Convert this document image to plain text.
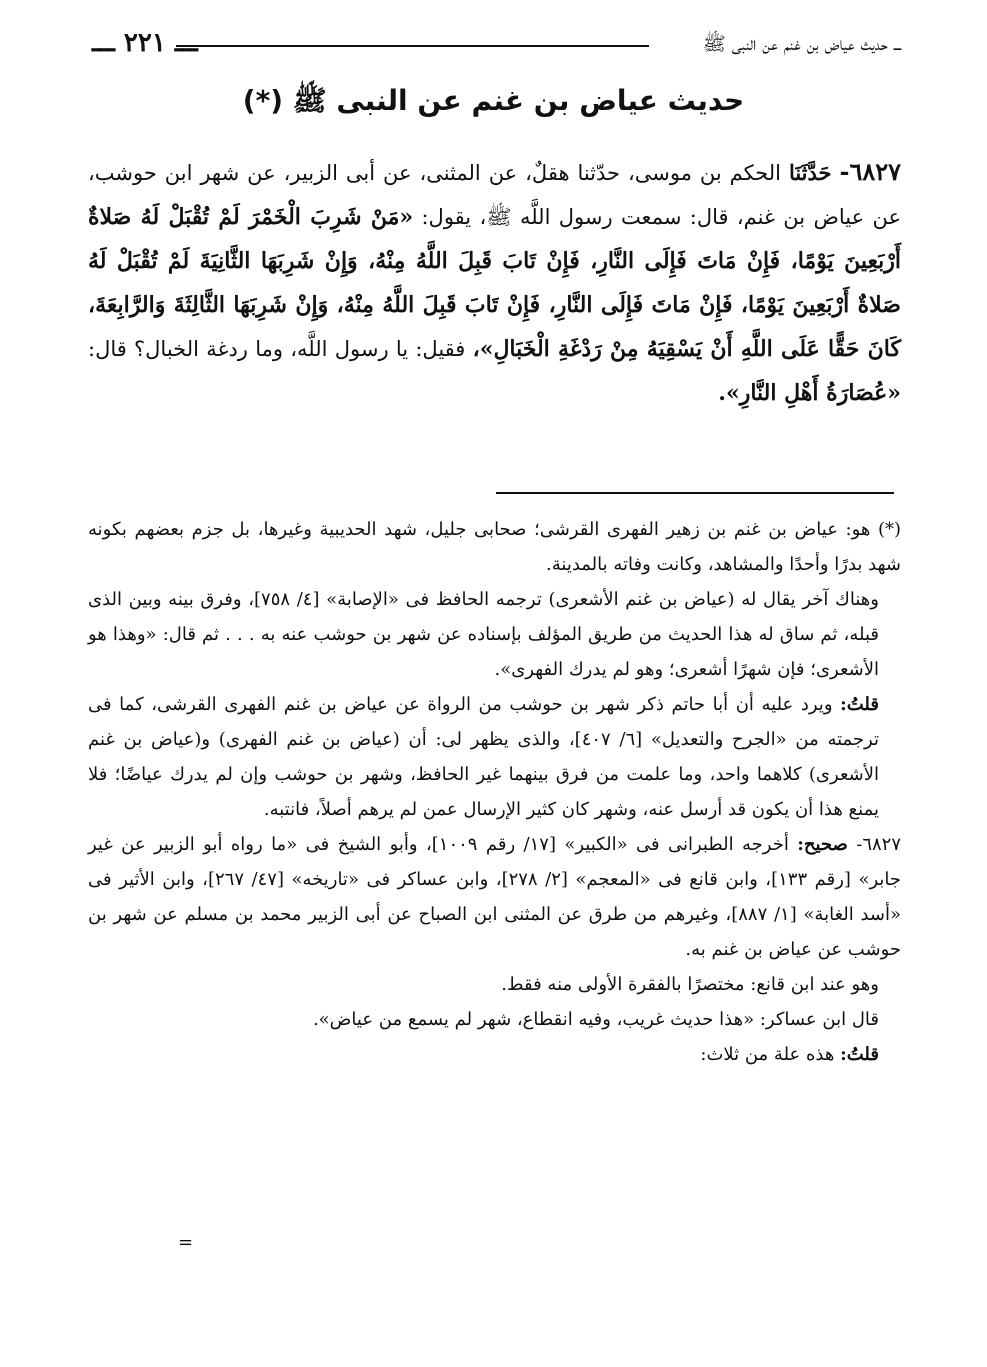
ـــ حديث عياض بن غنم عن النبى ﷺ
ـــ ٢٢١ ـــ
حديث عياض بن غنم عن النبى ﷺ (*)
٦٨٢٧- حَدَّثَنَا الحكم بن موسى، حدّثنا هقلٌ، عن المثنى، عن أبى الزبير، عن شهر ابن حوشب، عن عياض بن غنم، قال: سمعت رسول اللَّه ﷺ، يقول: «مَنْ شَرِبَ الْخَمْرَ لَمْ تُقْبَلْ لَهُ صَلاةٌ أَرْبَعِينَ يَوْمًا، فَإِنْ مَاتَ فَإِلَى النَّارِ، فَإِنْ تَابَ قَبِلَ اللَّهُ مِنْهُ، وَإِنْ شَرِبَهَا الثَّانِيَةَ لَمْ تُقْبَلْ لَهُ صَلاةٌ أَرْبَعِينَ يَوْمًا، فَإِنْ مَاتَ فَإِلَى النَّارِ، فَإِنْ تَابَ قَبِلَ اللَّهُ مِنْهُ، وَإِنْ شَرِبَهَا الثَّالِثَةَ وَالرَّابِعَةَ، كَانَ حَقًّا عَلَى اللَّهِ أَنْ يَسْقِيَهُ مِنْ رَدْغَةِ الْخَبَالِ»، فقيل: يا رسول اللَّه، وما ردغة الخبال؟ قال: «عُصَارَةُ أَهْلِ النَّارِ».

(*) هو: عياض بن غنم بن زهير الفهرى القرشى؛ صحابى جليل، شهد الحديبية وغيرها، بل جزم بعضهم بكونه شهد بدرًا وأحدًا والمشاهد، وكانت وفاته بالمدينة.

وهناك آخر يقال له (عياض بن غنم الأشعرى) ترجمه الحافظ فى «الإصابة» [٤/ ٧٥٨]، وفرق بينه وبين الذى قبله، ثم ساق له هذا الحديث من طريق المؤلف بإسناده عن شهر بن حوشب عنه به . . . ثم قال: «وهذا هو الأشعرى؛ فإن شهرًا أشعرى؛ وهو لم يدرك الفهرى».

قلتُ: ويرد عليه أن أبا حاتم ذكر شهر بن حوشب من الرواة عن عياض بن غنم الفهرى القرشى، كما فى ترجمته من «الجرح والتعديل» [٦/ ٤٠٧]، والذى يظهر لى: أن (عياض بن غنم الفهرى) و(عياض بن غنم الأشعرى) كلاهما واحد، وما علمت من فرق بينهما غير الحافظ، وشهر بن حوشب وإن لم يدرك عياضًا؛ فلا يمنع هذا أن يكون قد أرسل عنه، وشهر كان كثير الإرسال عمن لم يرهم أصلاً، فانتبه.

٦٨٢٧- صحيح: أخرجه الطبرانى فى «الكبير» [١٧/ رقم ١٠٠٩]، وأبو الشيخ فى «ما رواه أبو الزبير عن غير جابر» [رقم ١٣٣]، وابن قانع فى «المعجم» [٢/ ٢٧٨]، وابن عساكر فى «تاريخه» [٤٧/ ٢٦٧]، وابن الأثير فى «أسد الغابة» [١/ ٨٨٧]، وغيرهم من طرق عن المثنى ابن الصباح عن أبى الزبير محمد بن مسلم عن شهر بن حوشب عن عياض بن غنم به.

وهو عند ابن قانع: مختصرًا بالفقرة الأولى منه فقط.

قال ابن عساكر: «هذا حديث غريب، وفيه انقطاع، شهر لم يسمع من عياض».

قلتُ: هذه علة من ثلاث:

=
